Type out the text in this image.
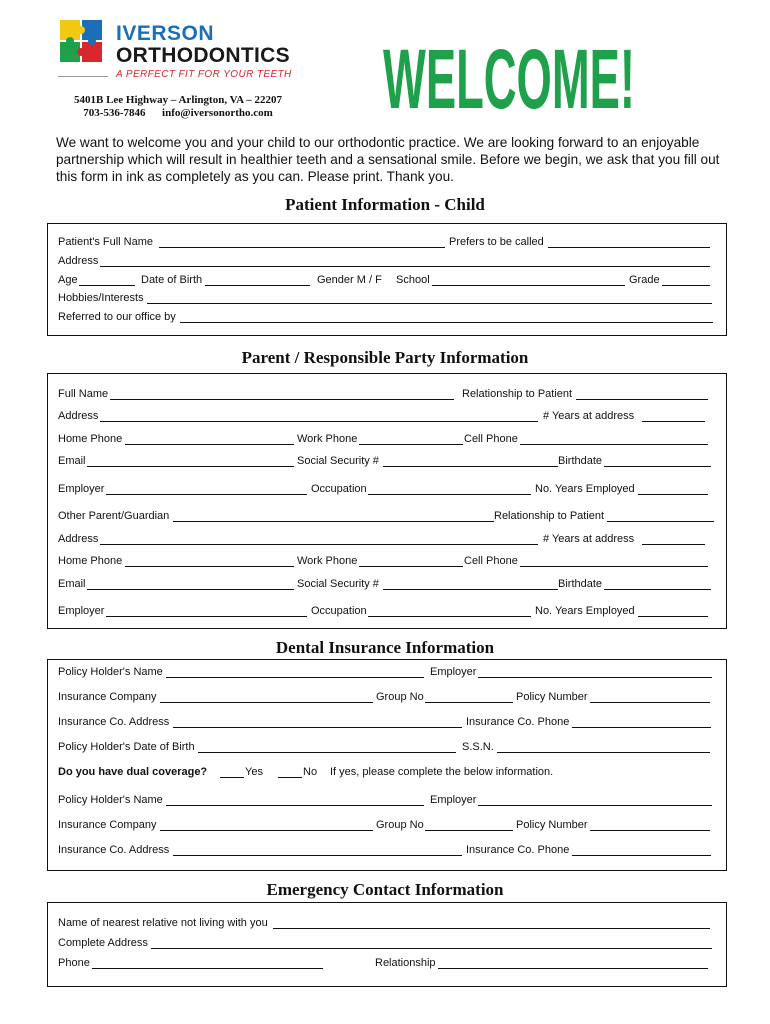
IVERSON
ORTHODONTICS
A PERFECT FIT FOR YOUR TEETH
5401B Lee Highway – Arlington, VA – 22207
703-536-7846      info@iversonortho.com	WELCOME!
We want to welcome you and your child to our orthodontic practice. We are looking forward to an enjoyable partnership which will result in healthier teeth and a sensational smile. Before we begin, we ask that you fill out this form in ink as completely as you can. Please print. Thank you.
Patient Information - Child
Patient's Full Name	Prefers to be called
Address
Age	Date of Birth	Gender M / F School	Grade
Hobbies/Interests
Referred to our office by
Parent / Responsible Party Information
Full Name	Relationship to Patient
Address	# Years at address
Home Phone	Work Phone	Cell Phone
Email	Social Security #	Birthdate
Employer	Occupation	No. Years Employed
Other Parent/Guardian	Relationship to Patient
Address	# Years at address
Home Phone	Work Phone	Cell Phone
Email	Social Security #	Birthdate
Employer	Occupation	No. Years Employed
Dental Insurance Information
Policy Holder's Name	Employer
Insurance Company	Group No	Policy Number
Insurance Co. Address	Insurance Co. Phone
Policy Holder's Date of Birth	S.S.N.
Do you have dual coverage?	Yes	No If yes, please complete the below information.
Policy Holder's Name	Employer
Insurance Company	Group No	Policy Number
Insurance Co. Address	Insurance Co. Phone
Emergency Contact Information
Name of nearest relative not living with you
Complete Address
Phone	Relationship
